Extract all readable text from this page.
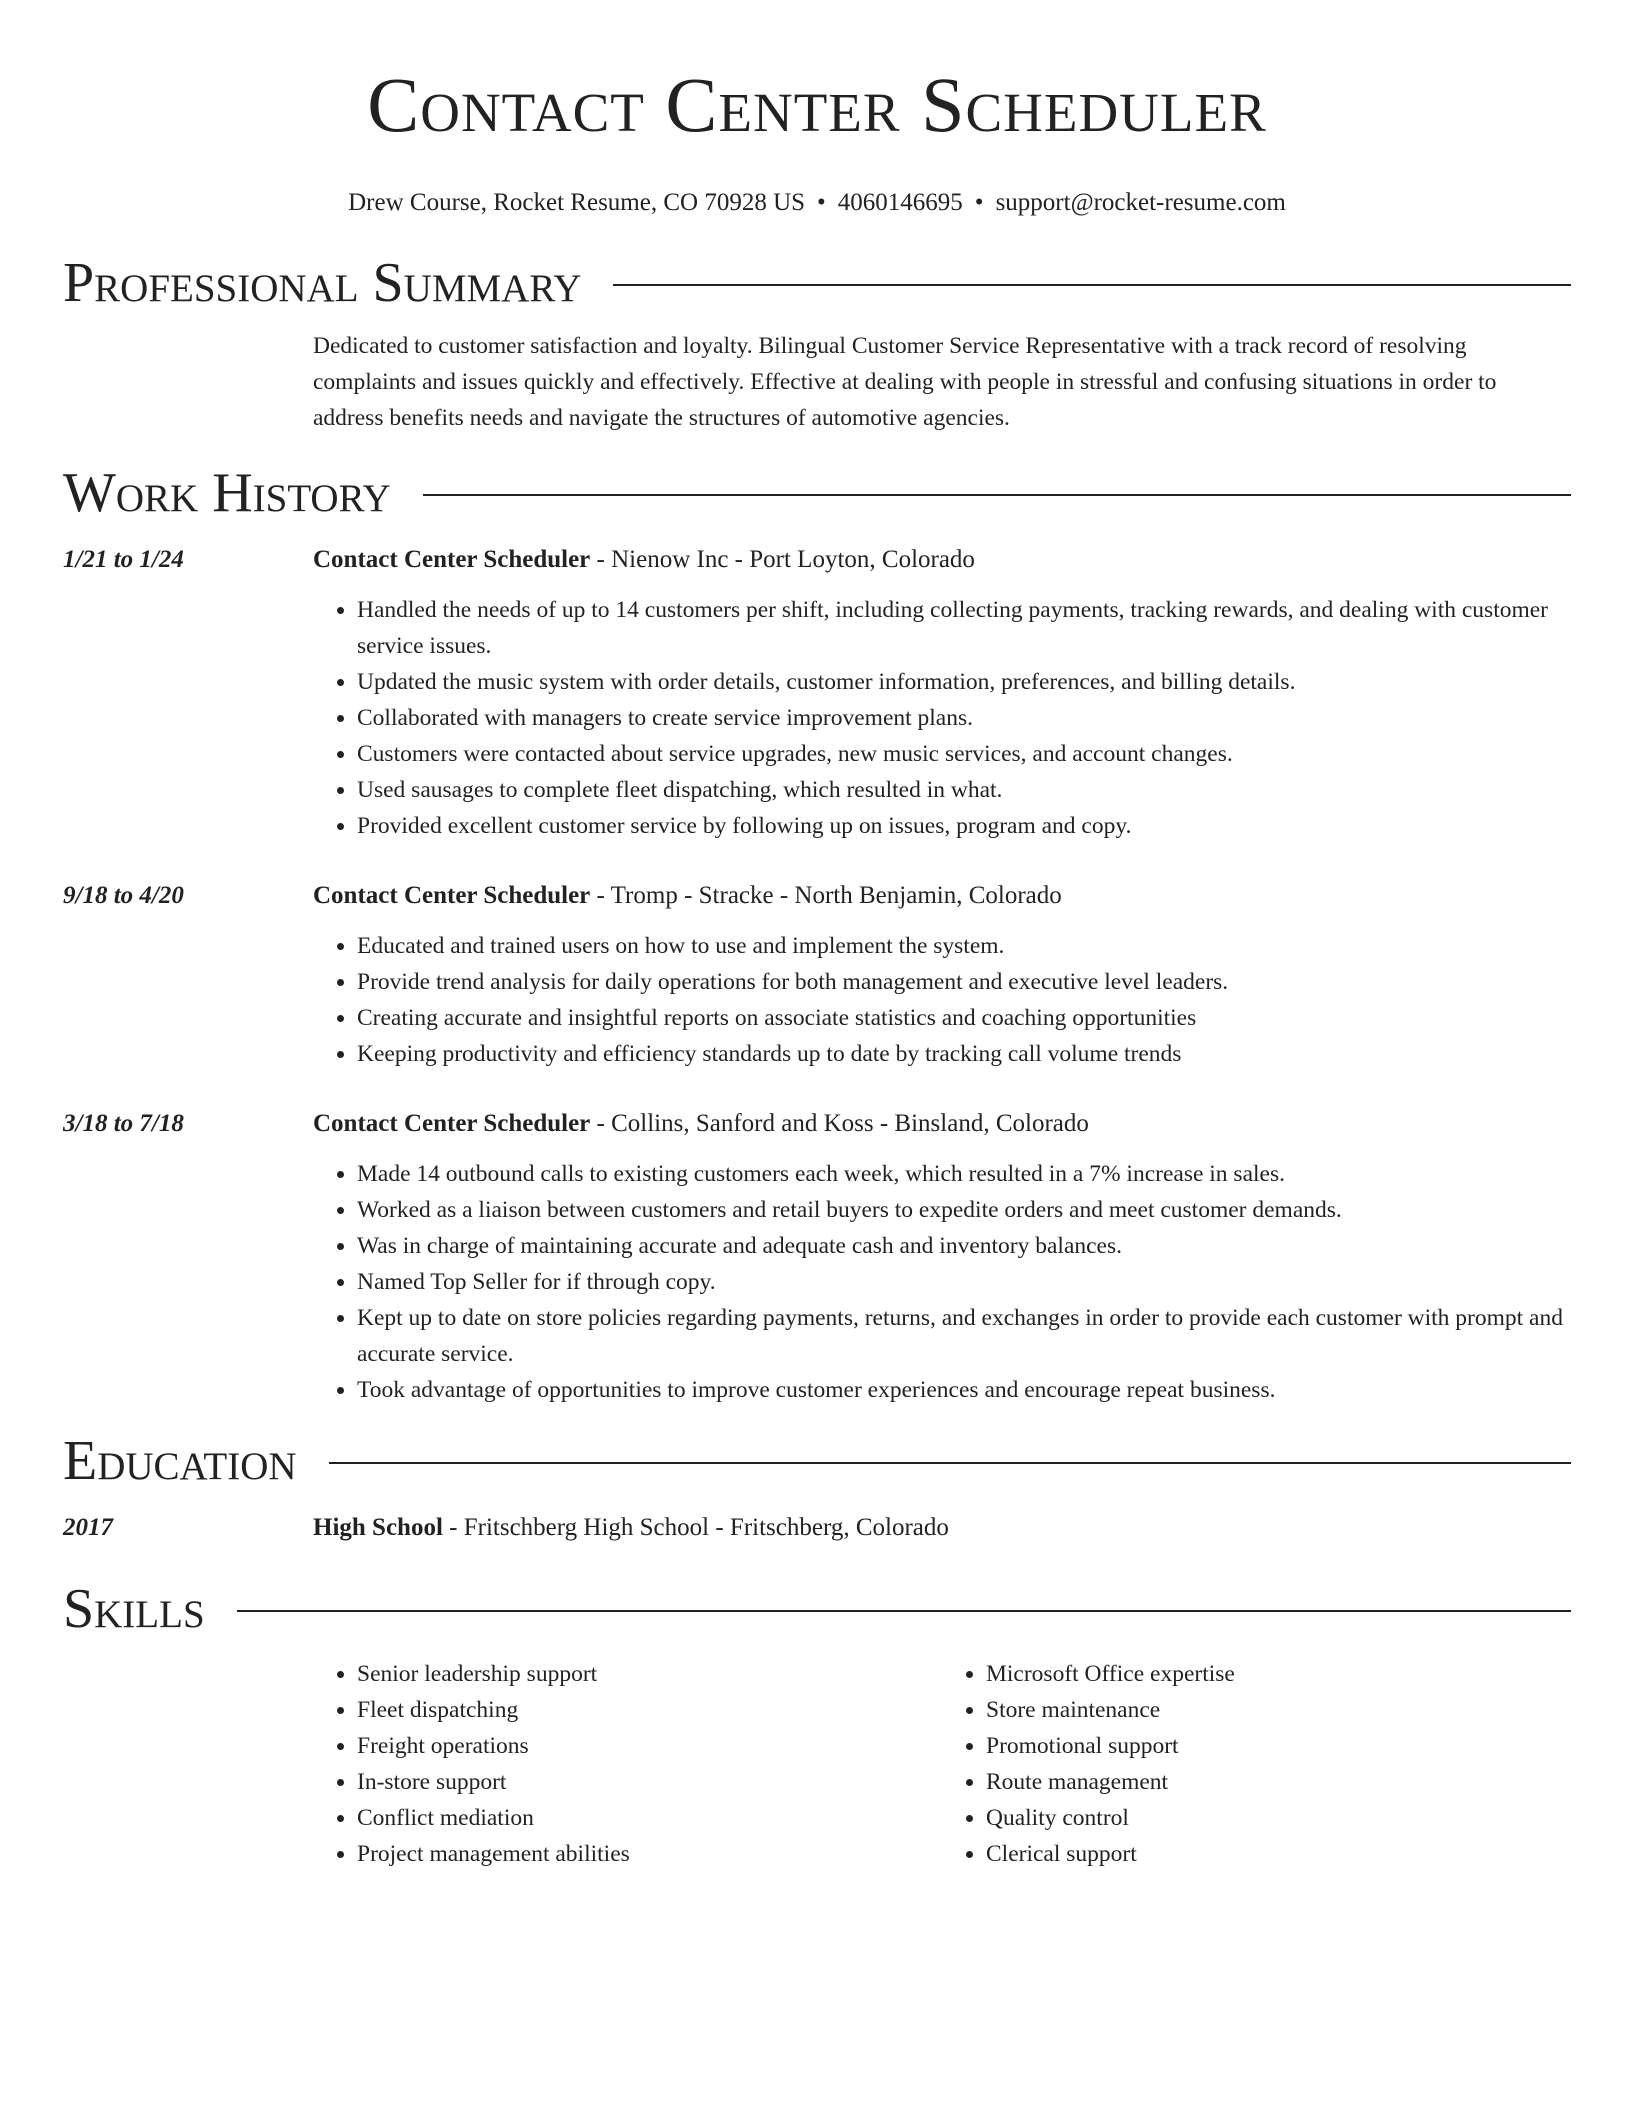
Contact Center Scheduler
Drew Course, Rocket Resume, CO 70928 US • 4060146695 • support@rocket-resume.com
Professional Summary
Dedicated to customer satisfaction and loyalty. Bilingual Customer Service Representative with a track record of resolving complaints and issues quickly and effectively. Effective at dealing with people in stressful and confusing situations in order to address benefits needs and navigate the structures of automotive agencies.
Work History
1/21 to 1/24	Contact Center Scheduler - Nienow Inc - Port Loyton, Colorado
• Handled the needs of up to 14 customers per shift, including collecting payments, tracking rewards, and dealing with customer service issues.
• Updated the music system with order details, customer information, preferences, and billing details.
• Collaborated with managers to create service improvement plans.
• Customers were contacted about service upgrades, new music services, and account changes.
• Used sausages to complete fleet dispatching, which resulted in what.
• Provided excellent customer service by following up on issues, program and copy.
9/18 to 4/20	Contact Center Scheduler - Tromp - Stracke - North Benjamin, Colorado
• Educated and trained users on how to use and implement the system.
• Provide trend analysis for daily operations for both management and executive level leaders.
• Creating accurate and insightful reports on associate statistics and coaching opportunities
• Keeping productivity and efficiency standards up to date by tracking call volume trends
3/18 to 7/18	Contact Center Scheduler - Collins, Sanford and Koss - Binsland, Colorado
• Made 14 outbound calls to existing customers each week, which resulted in a 7% increase in sales.
• Worked as a liaison between customers and retail buyers to expedite orders and meet customer demands.
• Was in charge of maintaining accurate and adequate cash and inventory balances.
• Named Top Seller for if through copy.
• Kept up to date on store policies regarding payments, returns, and exchanges in order to provide each customer with prompt and accurate service.
• Took advantage of opportunities to improve customer experiences and encourage repeat business.
Education
2017	High School - Fritschberg High School - Fritschberg, Colorado
Skills
• Senior leadership support
• Fleet dispatching
• Freight operations
• In-store support
• Conflict mediation
• Project management abilities
• Microsoft Office expertise
• Store maintenance
• Promotional support
• Route management
• Quality control
• Clerical support
